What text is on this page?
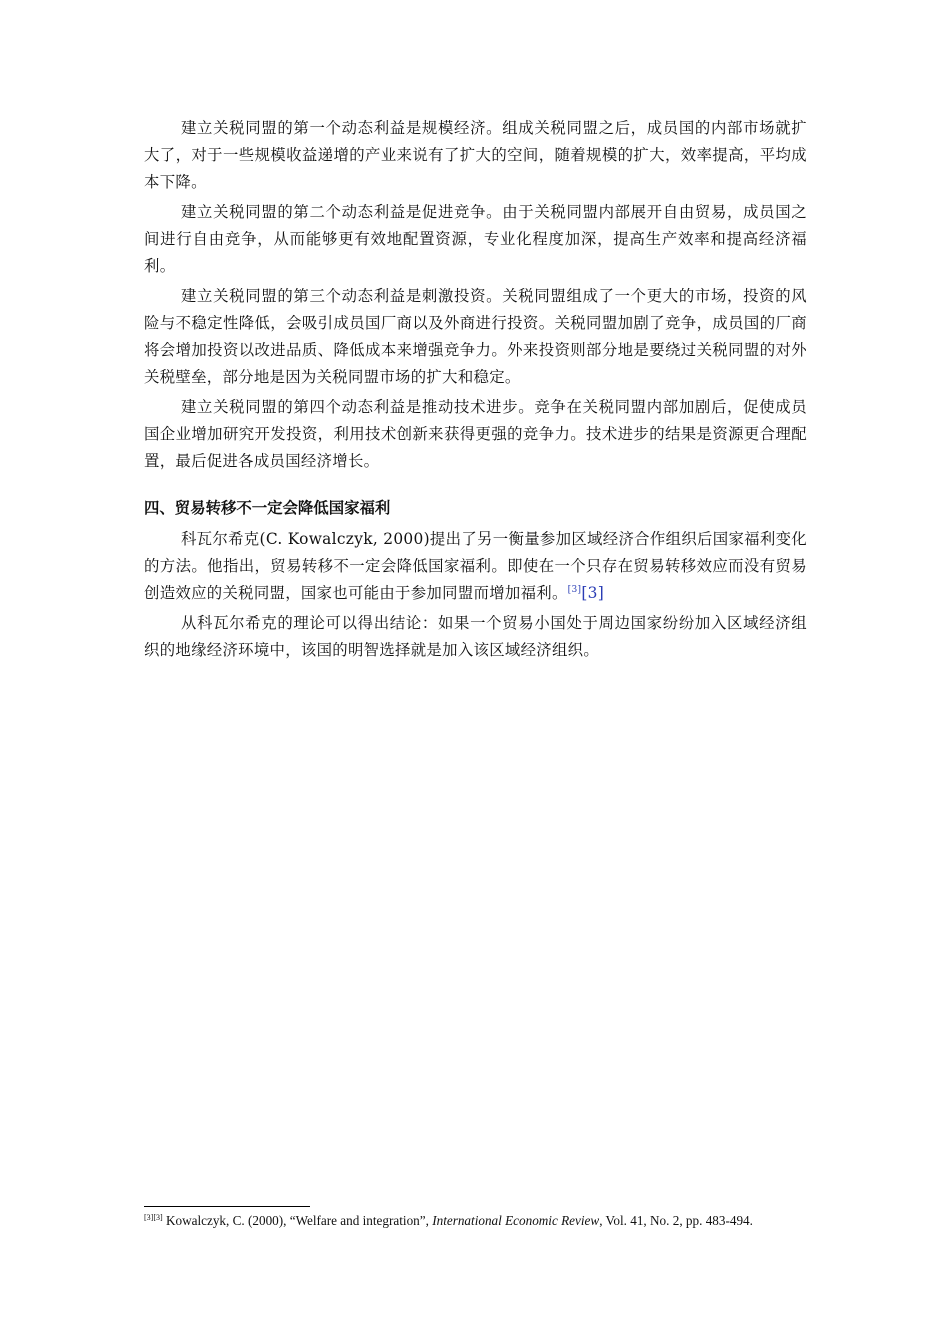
建立关税同盟的第一个动态利益是规模经济。组成关税同盟之后，成员国的内部市场就扩大了，对于一些规模收益递增的产业来说有了扩大的空间，随着规模的扩大，效率提高，平均成本下降。

建立关税同盟的第二个动态利益是促进竞争。由于关税同盟内部展开自由贸易，成员国之间进行自由竞争，从而能够更有效地配置资源，专业化程度加深，提高生产效率和提高经济福利。

建立关税同盟的第三个动态利益是刺激投资。关税同盟组成了一个更大的市场，投资的风险与不稳定性降低，会吸引成员国厂商以及外商进行投资。关税同盟加剧了竞争，成员国的厂商将会增加投资以改进品质、降低成本来增强竞争力。外来投资则部分地是要绕过关税同盟的对外关税壁垒，部分地是因为关税同盟市场的扩大和稳定。

建立关税同盟的第四个动态利益是推动技术进步。竞争在关税同盟内部加剧后，促使成员国企业增加研究开发投资，利用技术创新来获得更强的竞争力。技术进步的结果是资源更合理配置，最后促进各成员国经济增长。

四、贸易转移不一定会降低国家福利

科瓦尔希克(C. Kowalczyk, 2000)提出了另一衡量参加区域经济合作组织后国家福利变化的方法。他指出，贸易转移不一定会降低国家福利。即使在一个只存在贸易转移效应而没有贸易创造效应的关税同盟，国家也可能由于参加同盟而增加福利。[3][3]

从科瓦尔希克的理论可以得出结论：如果一个贸易小国处于周边国家纷纷加入区域经济组织的地缘经济环境中，该国的明智选择就是加入该区域经济组织。

[3][3] Kowalczyk, C. (2000), “Welfare and integration”, International Economic Review, Vol. 41, No. 2, pp. 483-494.
